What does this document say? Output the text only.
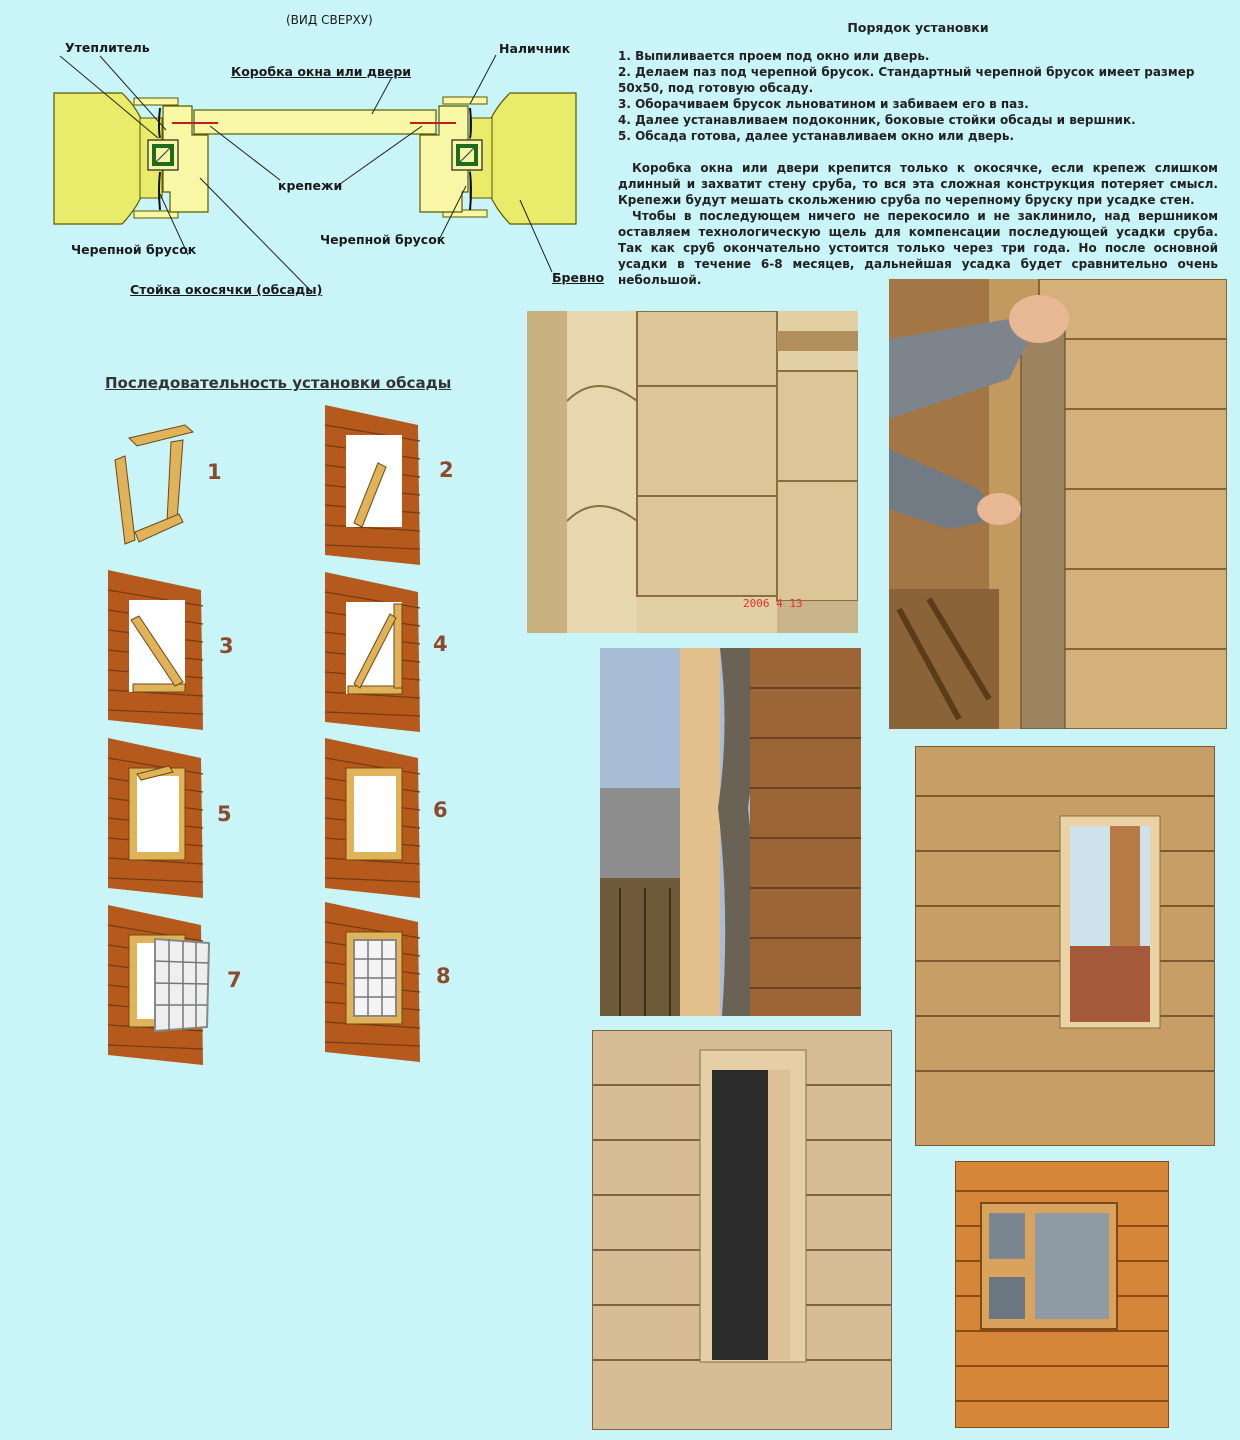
(ВИД СВЕРХУ)
Утеплитель
Коробка окна или двери
Наличник
крепежи
Черепной брусок
Черепной брусок
Стойка окосячки (обсады)
Бревно
Порядок установки
1. Выпиливается проем под окно или дверь.
2. Делаем паз под черепной брусок. Стандартный черепной брусок имеет размер 50х50, под готовую обсаду.
3. Оборачиваем брусок льноватином и забиваем его в паз.
4. Далее устанавливаем подоконник, боковые стойки обсады и вершник.
5. Обсада готова, далее устанавливаем окно или дверь.

Коробка окна или двери крепится только к окосячке, если крепеж слишком длинный и захватит стену сруба, то вся эта сложная конструкция потеряет смысл. Крепежи будут мешать скольжению сруба по черепному бруску при усадке стен.

Чтобы в последующем ничего не перекосило и не заклинило, над вершником оставляем технологическую щель для компенсации последующей усадки сруба. Так как сруб окончательно устоится только через три года. Но после основной усадки в течение 6-8 месяцев, дальнейшая усадка будет сравнительно очень небольшой.

Последовательность установки обсады
1	2
3	4
5	6
7	8
2006 4 13
